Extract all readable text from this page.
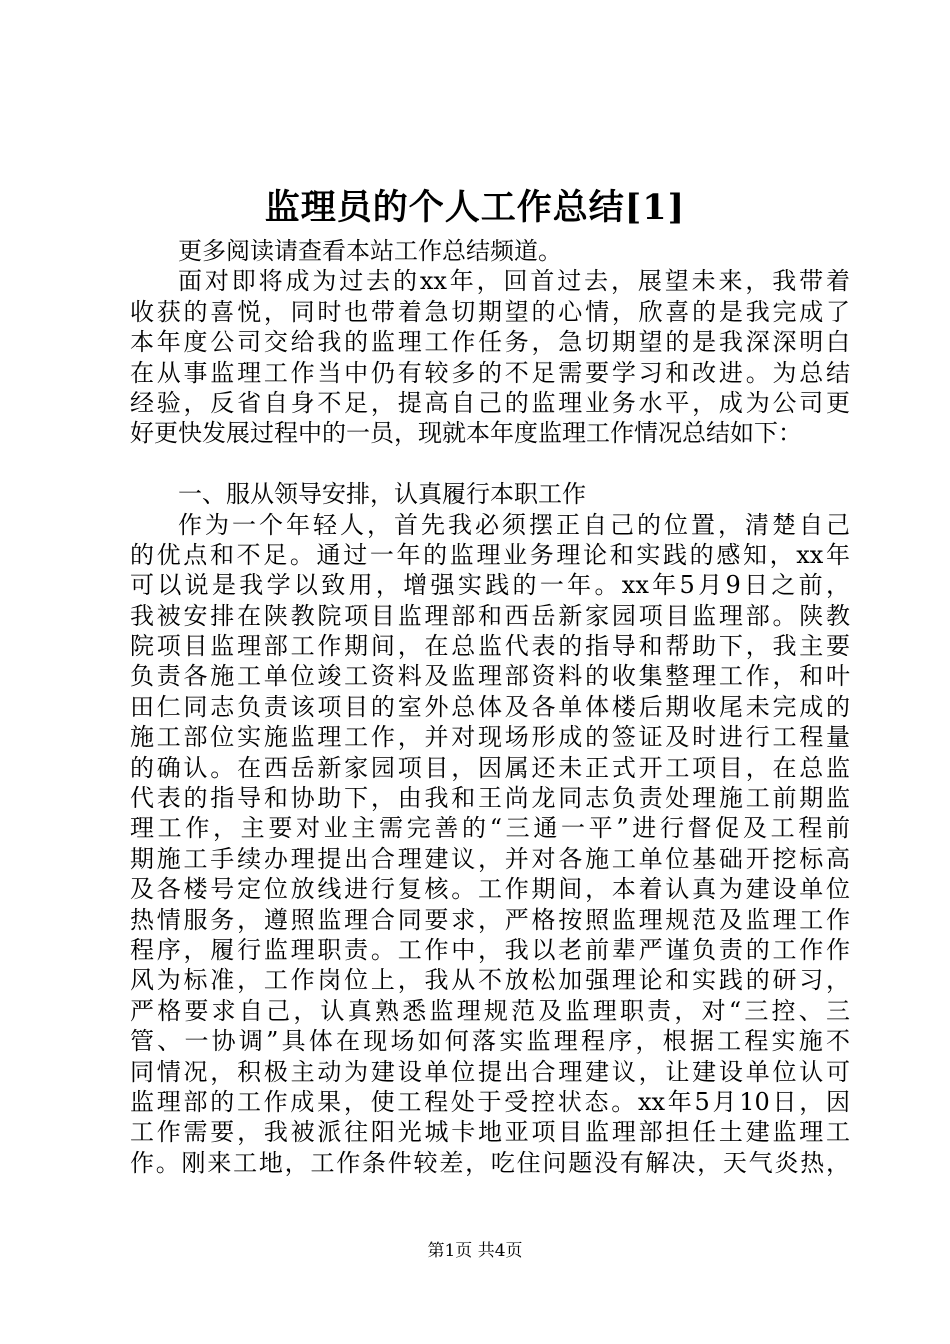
监理员的个人工作总结[1]
更多阅读请查看本站工作总结频道。
面对即将成为过去的xx年，回首过去，展望未来，我带着
收获的喜悦，同时也带着急切期望的心情，欣喜的是我完成了
本年度公司交给我的监理工作任务，急切期望的是我深深明白
在从事监理工作当中仍有较多的不足需要学习和改进。为总结
经验，反省自身不足，提高自己的监理业务水平，成为公司更
好更快发展过程中的一员，现就本年度监理工作情况总结如下：
一、服从领导安排，认真履行本职工作
作为一个年轻人，首先我必须摆正自己的位置，清楚自己
的优点和不足。通过一年的监理业务理论和实践的感知，xx年
可以说是我学以致用，增强实践的一年。xx年5月9日之前，
我被安排在陕教院项目监理部和西岳新家园项目监理部。陕教
院项目监理部工作期间，在总监代表的指导和帮助下，我主要
负责各施工单位竣工资料及监理部资料的收集整理工作，和叶
田仁同志负责该项目的室外总体及各单体楼后期收尾未完成的
施工部位实施监理工作，并对现场形成的签证及时进行工程量
的确认。在西岳新家园项目，因属还未正式开工项目，在总监
代表的指导和协助下，由我和王尚龙同志负责处理施工前期监
理工作，主要对业主需完善的“三通一平”进行督促及工程前
期施工手续办理提出合理建议，并对各施工单位基础开挖标高
及各楼号定位放线进行复核。工作期间，本着认真为建设单位
热情服务，遵照监理合同要求，严格按照监理规范及监理工作
程序，履行监理职责。工作中，我以老前辈严谨负责的工作作
风为标准，工作岗位上，我从不放松加强理论和实践的研习，
严格要求自己，认真熟悉监理规范及监理职责，对“三控、三
管、一协调”具体在现场如何落实监理程序，根据工程实施不
同情况，积极主动为建设单位提出合理建议，让建设单位认可
监理部的工作成果，使工程处于受控状态。xx年5月10日，因
工作需要，我被派往阳光城卡地亚项目监理部担任土建监理工
作。刚来工地，工作条件较差，吃住问题没有解决，天气炎热，
第1页 共4页
